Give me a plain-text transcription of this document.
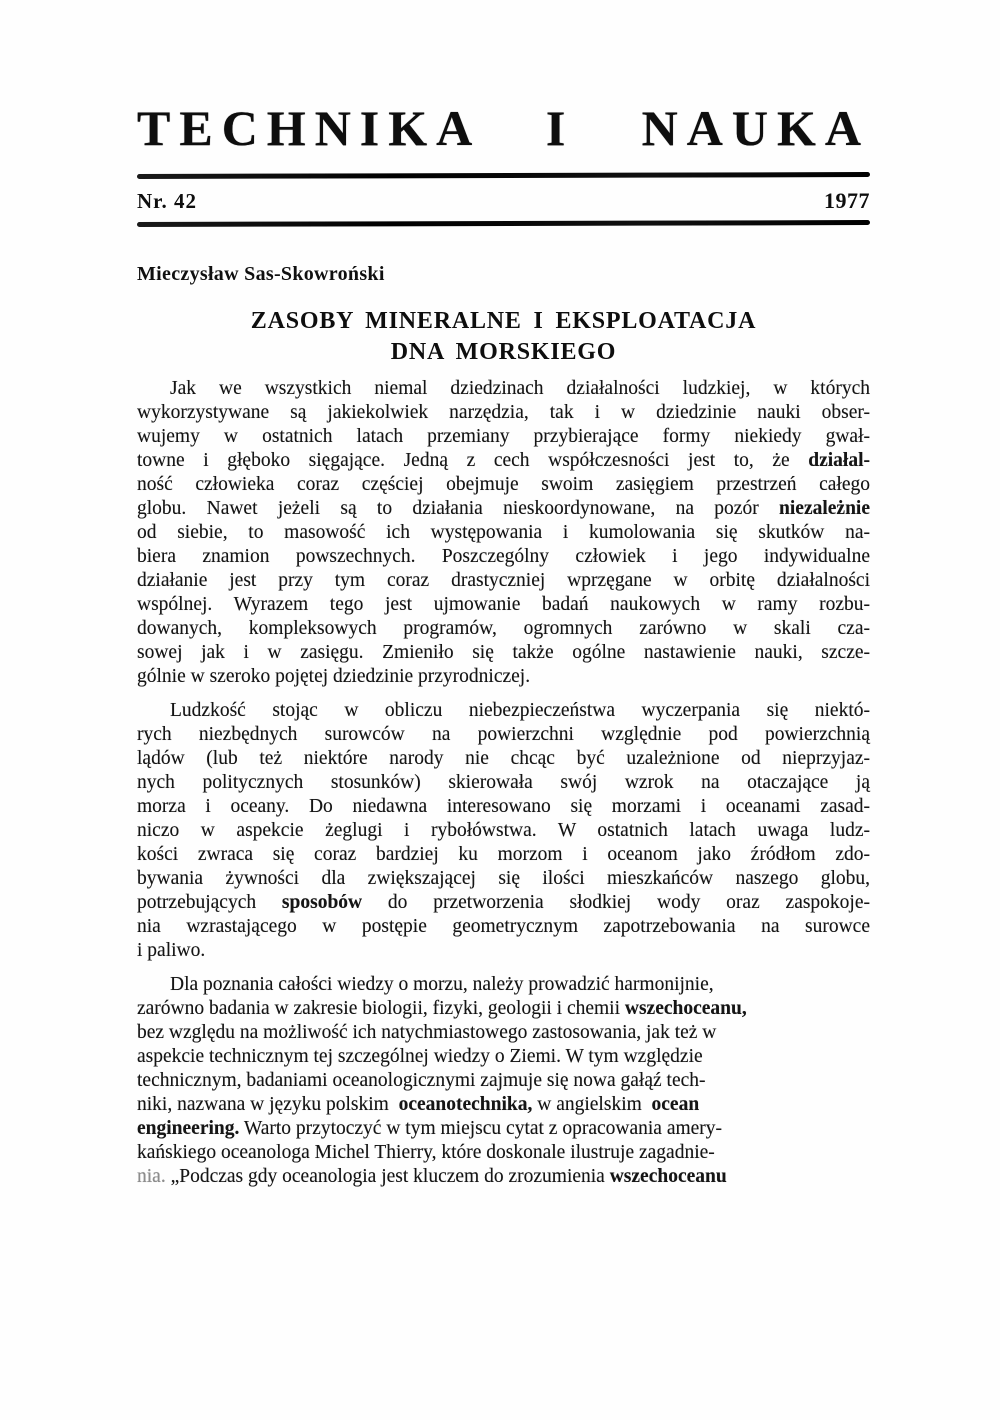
TECHNIKA I NAUKA
Nr. 42	1977
Mieczysław Sas-Skowroński
ZASOBY MINERALNE I EKSPLOATACJA
DNA MORSKIEGO
Jak we wszystkich niemal dziedzinach działalności ludzkiej, w których
wykorzystywane są jakiekolwiek narzędzia, tak i w dziedzinie nauki obser-
wujemy w ostatnich latach przemiany przybierające formy niekiedy gwał-
towne i głęboko sięgające. Jedną z cech współczesności jest to, że działal-
ność człowieka coraz częściej obejmuje swoim zasięgiem przestrzeń całego
globu. Nawet jeżeli są to działania nieskoordynowane, na pozór niezależnie
od siebie, to masowość ich występowania i kumolowania się skutków na-
biera znamion powszechnych. Poszczególny człowiek i jego indywidualne
działanie jest przy tym coraz drastyczniej wprzęgane w orbitę działalności
wspólnej. Wyrazem tego jest ujmowanie badań naukowych w ramy rozbu-
dowanych, kompleksowych programów, ogromnych zarówno w skali cza-
sowej jak i w zasięgu. Zmieniło się także ogólne nastawienie nauki, szcze-
gólnie w szeroko pojętej dziedzinie przyrodniczej.
Ludzkość stojąc w obliczu niebezpieczeństwa wyczerpania się niektó-
rych niezbędnych surowców na powierzchni względnie pod powierzchnią
lądów (lub też niektóre narody nie chcąc być uzależnione od nieprzyjaz-
nych politycznych stosunków) skierowała swój wzrok na otaczające ją
morza i oceany. Do niedawna interesowano się morzami i oceanami zasad-
niczo w aspekcie żeglugi i rybołówstwa. W ostatnich latach uwaga ludz-
kości zwraca się coraz bardziej ku morzom i oceanom jako źródłom zdo-
bywania żywności dla zwiększającej się ilości mieszkańców naszego globu,
potrzebujących sposobów do przetworzenia słodkiej wody oraz zaspokoje-
nia wzrastającego w postępie geometrycznym zapotrzebowania na surowce
i paliwo.
Dla poznania całości wiedzy o morzu, należy prowadzić harmonijnie,
zarówno badania w zakresie biologii, fizyki, geologii i chemii wszechoceanu,
bez względu na możliwość ich natychmiastowego zastosowania, jak też w
aspekcie technicznym tej szczególnej wiedzy o Ziemi. W tym względzie
technicznym, badaniami oceanologicznymi zajmuje się nowa gałąź tech-
niki, nazwana w języku polskim  oceanotechnika, w angielskim  ocean
engineering. Warto przytoczyć w tym miejscu cytat z opracowania amery-
kańskiego oceanologa Michel Thierry, które doskonale ilustruje zagadnie-
nia. „Podczas gdy oceanologia jest kluczem do zrozumienia wszechoceanu
